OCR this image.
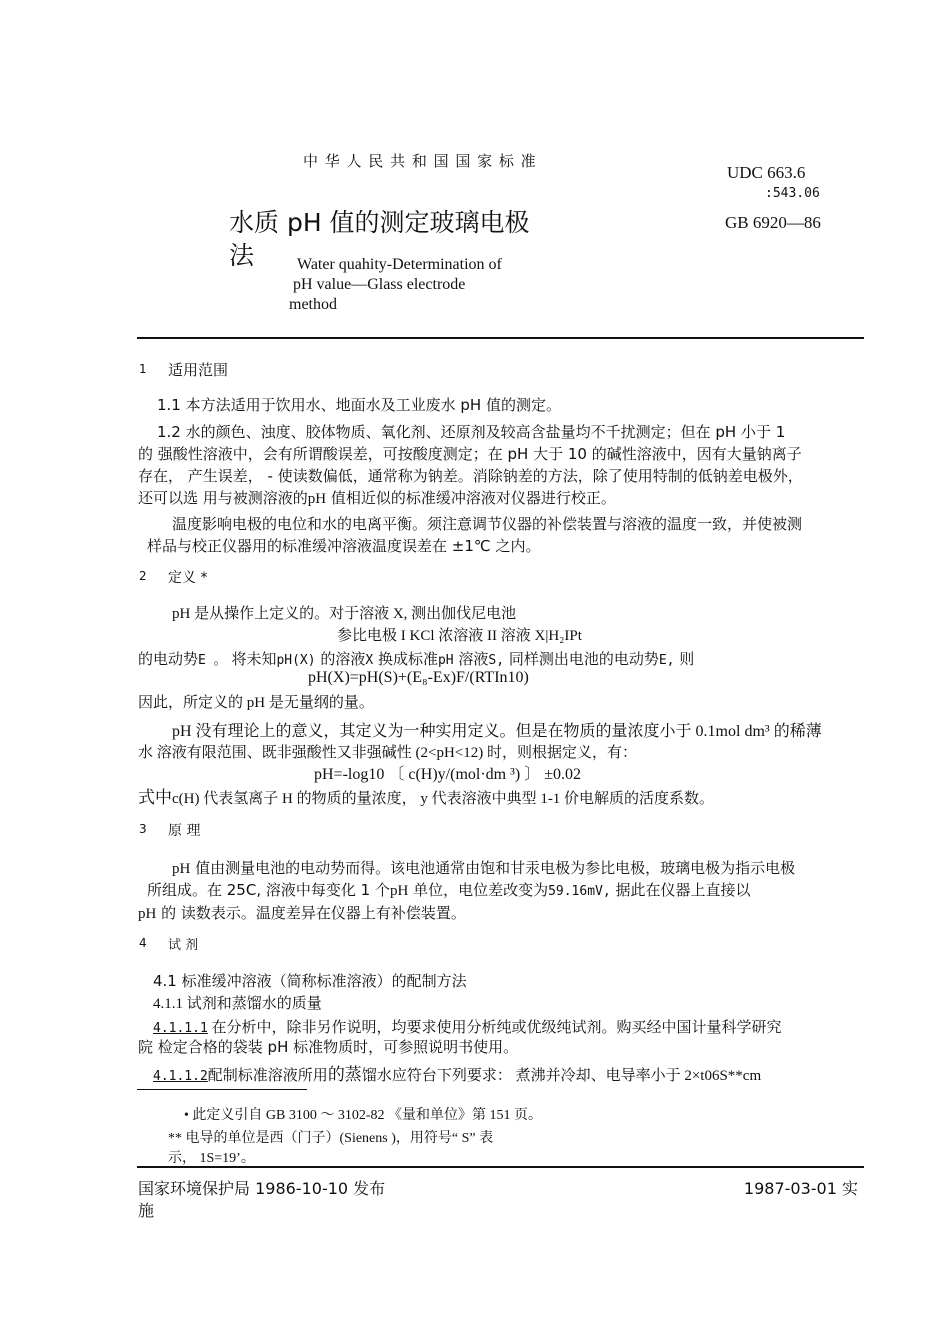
中 华 人 民 共 和 国 国 家 标 准
UDC 663.6
:543.06
GB 6920—86
水质 pH 值的测定玻璃电极
法	Water quahity-Determination of
pH value—Glass electrode
method
1 适用范围
1.1 本方法适用于饮用水、地面水及工业废水 pH 值的测定。
1.2 水的颜色、浊度、胶体物质、氧化剂、还原剂及较高含盐量均不千扰测定；但在 pH 小于 1
的 强酸性溶液中，会有所谓酸误差，可按酸度测定；在 pH 大于 10 的碱性溶液中，因有大量钠离子
存在， 产生误差， - 使读数偏低，通常称为钠差。消除钠差的方法，除了使用特制的低钠差电极外，
还可以选 用与被测溶液的pH 值相近似的标准缓冲溶液对仪器进行校正。
温度影响电极的电位和水的电离平衡。须注意调节仪器的补偿装置与溶液的温度一致，并使被测
样品与校正仪器用的标准缓冲溶液温度误差在 ±1℃ 之内。
2 定义 *
pH 是从操作上定义的。对于溶液 X, 测出伽伐尼电池
参比电极 I KCl 浓溶液 II 溶液 X|H₂IPt
的电动势E 。 将未知pH(X) 的溶液X 换成标准pH 溶液S, 同样测出电池的电动势E, 则
pH(X)=pH(S)+(E₈-Ex)F/(RTIn10)
因此，所定义的 pH 是无量纲的量。
pH 没有理论上的意义，其定义为一种实用定义。但是在物质的量浓度小于 0.1mol dm³ 的稀薄
水 溶液有限范围、既非强酸性又非强碱性 (2<pH<12) 时，则根据定义，有：
pH=-log10 〔 c(H)y/(mol·dm ³) 〕 ±0.02
式中c(H) 代表氢离子 H 的物质的量浓度， y 代表溶液中典型 1-1 价电解质的活度系数。
3 原 理
pH 值由测量电池的电动势而得。该电池通常由饱和甘汞电极为参比电极，玻璃电极为指示电极
所组成。在 25C, 溶液中每变化 1 个pH 单位，电位差改变为59.16mV, 据此在仪器上直接以
pH 的 读数表示。温度差异在仪器上有补偿装置。
4 试 剂
4.1 标准缓冲溶液（简称标准溶液）的配制方法
4.1.1 试剂和蒸馏水的质量
4.1.1.1 在分析中，除非另作说明，均要求使用分析纯或优级纯试剂。购买经中国计量科学研究
院 检定合格的袋装 pH 标准物质时，可参照说明书使用。
4.1.1.2配制标准溶液所用的蒸馏水应符台下列要求： 煮沸并冷却、电导率小于 2×t06S**cm
• 此定义引自 GB 3100 ～ 3102-82 《量和单位》第 151 页。
** 电导的单位是西（门子）(Sienens )，用符号“ S” 表
示， 1S=19’。
国家环境保护局 1986-10-10 发布
施
1987-03-01 实
